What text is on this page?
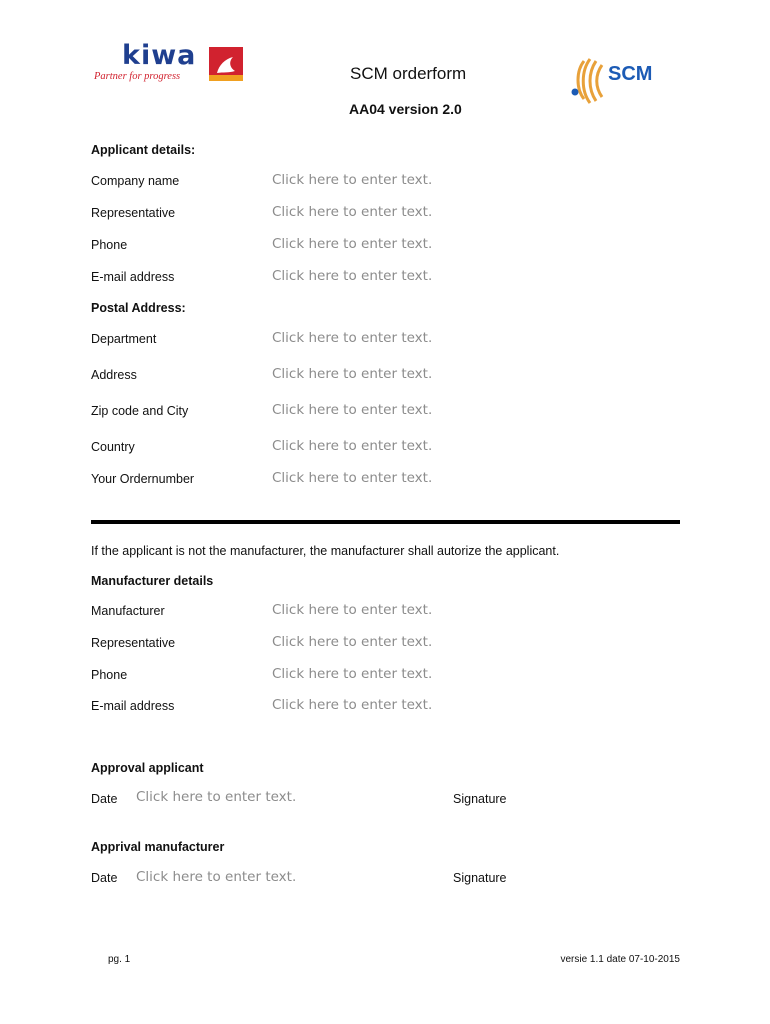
kiwa
Partner for progress	SCM orderform
AA04 version 2.0
SCM
Applicant details:
Company name	Click here to enter text.
Representative	Click here to enter text.
Phone	Click here to enter text.
E-mail address	Click here to enter text.
Postal Address:
Department	Click here to enter text.
Address	Click here to enter text.
Zip code and City	Click here to enter text.
Country	Click here to enter text.
Your Ordernumber	Click here to enter text.
If the applicant is not the manufacturer, the manufacturer shall autorize the applicant.
Manufacturer details
Manufacturer	Click here to enter text.
Representative	Click here to enter text.
Phone	Click here to enter text.
E-mail address	Click here to enter text.
Approval applicant
Date Click here to enter text.	Signature
Apprival manufacturer
Date Click here to enter text.	Signature
pg. 1	versie 1.1 date 07-10-2015
